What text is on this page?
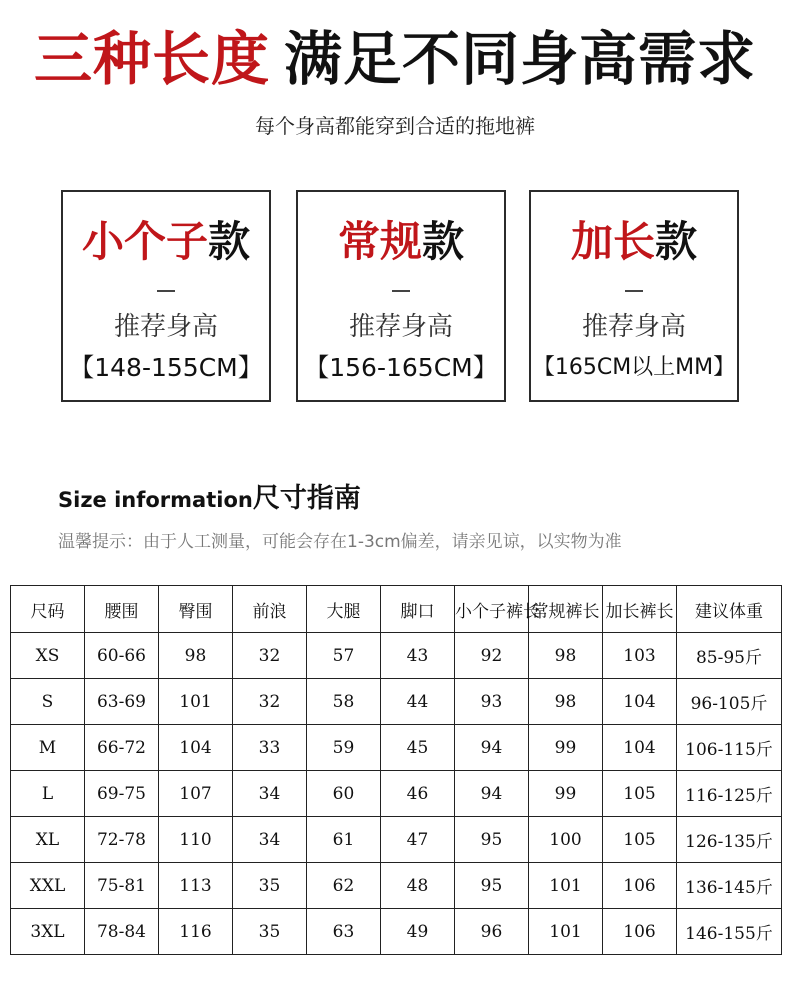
三种长度 满足不同身高需求
每个身高都能穿到合适的拖地裤
小个子款
推荐身高
【148-155CM】
常规款
推荐身高
【156-165CM】
加长款
推荐身高
【165CM以上MM】
Size information尺寸指南
温馨提示：由于人工测量，可能会存在1-3cm偏差，请亲见谅，以实物为准
尺码	腰围	臀围	前浪	大腿	脚口	小个子裤长	常规裤长	加长裤长	建议体重
XS	60-66	98	32	57	43	92	98	103	85-95斤
S	63-69	101	32	58	44	93	98	104	96-105斤
M	66-72	104	33	59	45	94	99	104	106-115斤
L	69-75	107	34	60	46	94	99	105	116-125斤
XL	72-78	110	34	61	47	95	100	105	126-135斤
XXL	75-81	113	35	62	48	95	101	106	136-145斤
3XL	78-84	116	35	63	49	96	101	106	146-155斤
